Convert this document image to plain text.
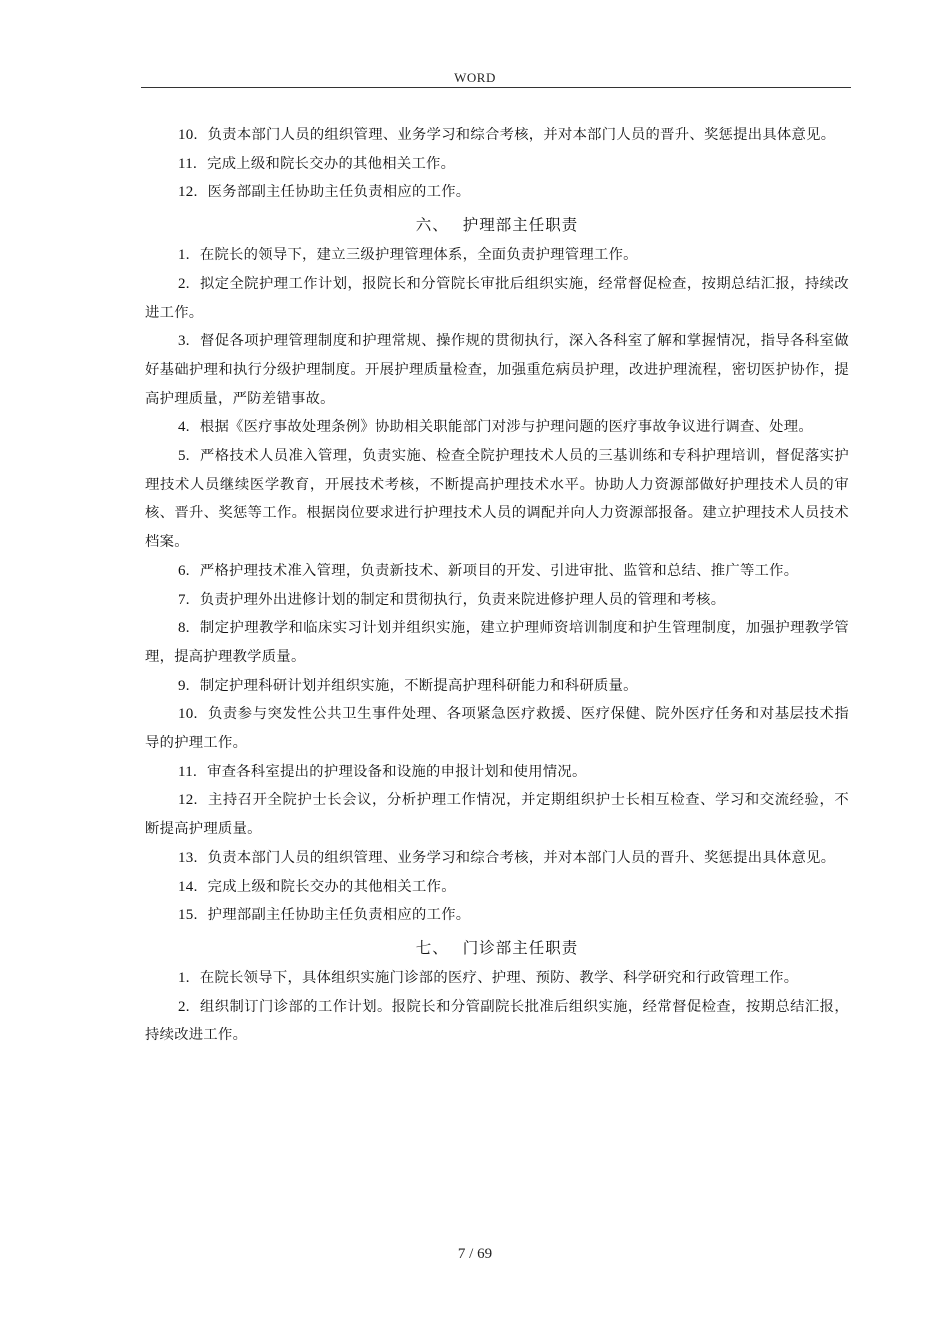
WORD

10. 负责本部门人员的组织管理、业务学习和综合考核，并对本部门人员的晋升、奖惩提出具体意见。

11. 完成上级和院长交办的其他相关工作。

12. 医务部副主任协助主任负责相应的工作。

六、 护理部主任职责

1. 在院长的领导下，建立三级护理管理体系，全面负责护理管理工作。

2. 拟定全院护理工作计划，报院长和分管院长审批后组织实施，经常督促检查，按期总结汇报，持续改进工作。

3. 督促各项护理管理制度和护理常规、操作规的贯彻执行，深入各科室了解和掌握情况，指导各科室做好基础护理和执行分级护理制度。开展护理质量检查，加强重危病员护理，改进护理流程，密切医护协作，提高护理质量，严防差错事故。

4. 根据《医疗事故处理条例》协助相关职能部门对涉与护理问题的医疗事故争议进行调查、处理。

5. 严格技术人员准入管理，负责实施、检查全院护理技术人员的三基训练和专科护理培训，督促落实护理技术人员继续医学教育，开展技术考核，不断提高护理技术水平。协助人力资源部做好护理技术人员的审核、晋升、奖惩等工作。根据岗位要求进行护理技术人员的调配并向人力资源部报备。建立护理技术人员技术档案。

6. 严格护理技术准入管理，负责新技术、新项目的开发、引进审批、监管和总结、推广等工作。

7. 负责护理外出进修计划的制定和贯彻执行，负责来院进修护理人员的管理和考核。

8. 制定护理教学和临床实习计划并组织实施，建立护理师资培训制度和护生管理制度，加强护理教学管理，提高护理教学质量。

9. 制定护理科研计划并组织实施，不断提高护理科研能力和科研质量。

10. 负责参与突发性公共卫生事件处理、各项紧急医疗救援、医疗保健、院外医疗任务和对基层技术指导的护理工作。

11. 审查各科室提出的护理设备和设施的申报计划和使用情况。

12. 主持召开全院护士长会议，分析护理工作情况，并定期组织护士长相互检查、学习和交流经验，不断提高护理质量。

13. 负责本部门人员的组织管理、业务学习和综合考核，并对本部门人员的晋升、奖惩提出具体意见。

14. 完成上级和院长交办的其他相关工作。

15. 护理部副主任协助主任负责相应的工作。

七、 门诊部主任职责

1. 在院长领导下，具体组织实施门诊部的医疗、护理、预防、教学、科学研究和行政管理工作。

2. 组织制订门诊部的工作计划。报院长和分管副院长批准后组织实施，经常督促检查，按期总结汇报，持续改进工作。

7 / 69
